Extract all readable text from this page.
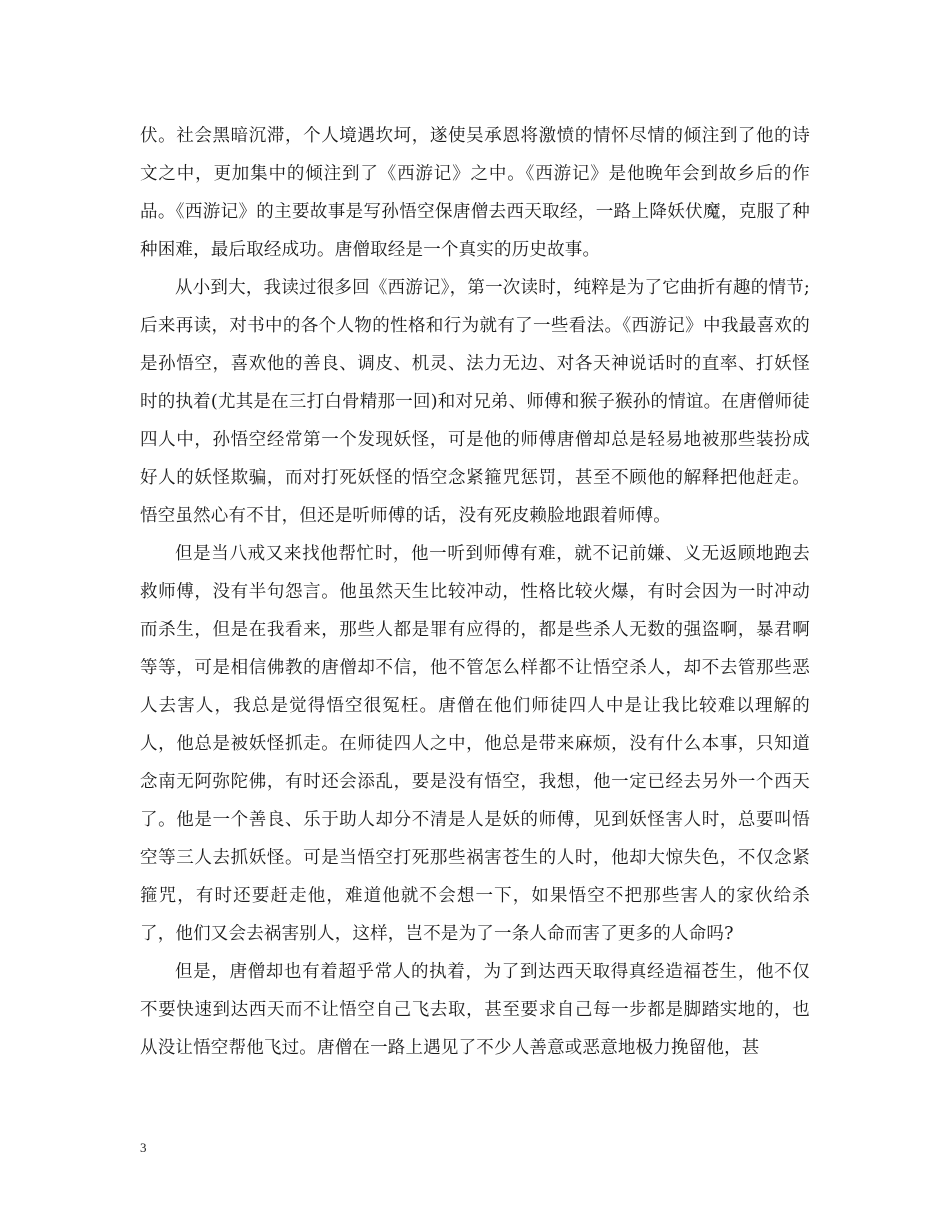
伏。社会黑暗沉滞，个人境遇坎坷，遂使吴承恩将激愤的情怀尽情的倾注到了他的诗文之中，更加集中的倾注到了《西游记》之中。《西游记》是他晚年会到故乡后的作品。《西游记》的主要故事是写孙悟空保唐僧去西天取经，一路上降妖伏魔，克服了种种困难，最后取经成功。唐僧取经是一个真实的历史故事。

从小到大，我读过很多回《西游记》，第一次读时，纯粹是为了它曲折有趣的情节;后来再读，对书中的各个人物的性格和行为就有了一些看法。《西游记》中我最喜欢的是孙悟空，喜欢他的善良、调皮、机灵、法力无边、对各天神说话时的直率、打妖怪时的执着(尤其是在三打白骨精那一回)和对兄弟、师傅和猴子猴孙的情谊。在唐僧师徒四人中，孙悟空经常第一个发现妖怪，可是他的师傅唐僧却总是轻易地被那些装扮成好人的妖怪欺骗，而对打死妖怪的悟空念紧箍咒惩罚，甚至不顾他的解释把他赶走。悟空虽然心有不甘，但还是听师傅的话，没有死皮赖脸地跟着师傅。

但是当八戒又来找他帮忙时，他一听到师傅有难，就不记前嫌、义无返顾地跑去救师傅，没有半句怨言。他虽然天生比较冲动，性格比较火爆，有时会因为一时冲动而杀生，但是在我看来，那些人都是罪有应得的，都是些杀人无数的强盗啊，暴君啊等等，可是相信佛教的唐僧却不信，他不管怎么样都不让悟空杀人，却不去管那些恶人去害人，我总是觉得悟空很冤枉。唐僧在他们师徒四人中是让我比较难以理解的人，他总是被妖怪抓走。在师徒四人之中，他总是带来麻烦，没有什么本事，只知道念南无阿弥陀佛，有时还会添乱，要是没有悟空，我想，他一定已经去另外一个西天了。他是一个善良、乐于助人却分不清是人是妖的师傅，见到妖怪害人时，总要叫悟空等三人去抓妖怪。可是当悟空打死那些祸害苍生的人时，他却大惊失色，不仅念紧箍咒，有时还要赶走他，难道他就不会想一下，如果悟空不把那些害人的家伙给杀了，他们又会去祸害别人，这样，岂不是为了一条人命而害了更多的人命吗?

但是，唐僧却也有着超乎常人的执着，为了到达西天取得真经造福苍生，他不仅不要快速到达西天而不让悟空自己飞去取，甚至要求自己每一步都是脚踏实地的，也从没让悟空帮他飞过。唐僧在一路上遇见了不少人善意或恶意地极力挽留他，甚

3
